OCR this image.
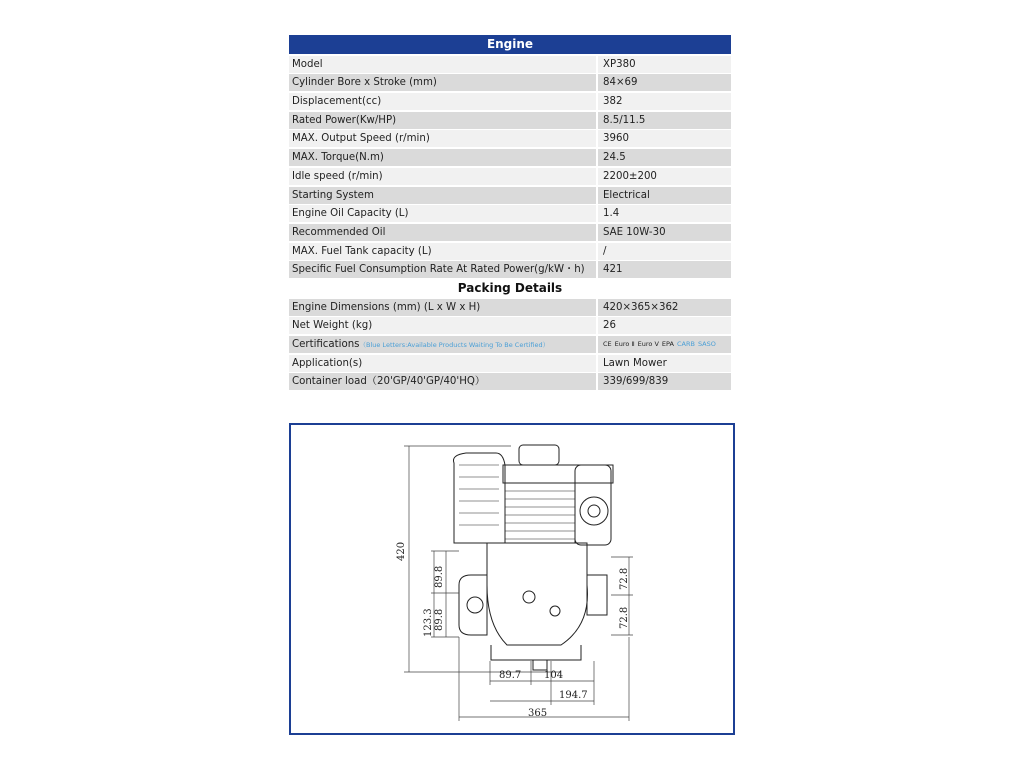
Engine
Model	XP380
Cylinder Bore x Stroke (mm)	84×69
Displacement(cc)	382
Rated Power(Kw/HP)	8.5/11.5
MAX. Output Speed (r/min)	3960
MAX. Torque(N.m)	24.5
Idle speed (r/min)	2200±200
Starting System	Electrical
Engine Oil Capacity (L)	1.4
Recommended Oil	SAE 10W-30
MAX. Fuel Tank capacity (L)	/
Specific Fuel Consumption Rate At Rated Power(g/kW・h)	421
Packing Details
Engine Dimensions (mm) (L x W x H)	420×365×362
Net Weight (kg)	26
Certifications（Blue Letters:Available Products Waiting To Be Certified）	CE Euro Ⅱ Euro V EPA CARB SASO
Application(s)	Lawn Mower
Container load（20'GP/40'GP/40'HQ）	339/699/839
420
89.8
89.8
123.3
72.8
72.8
89.7 104
194.7
365
